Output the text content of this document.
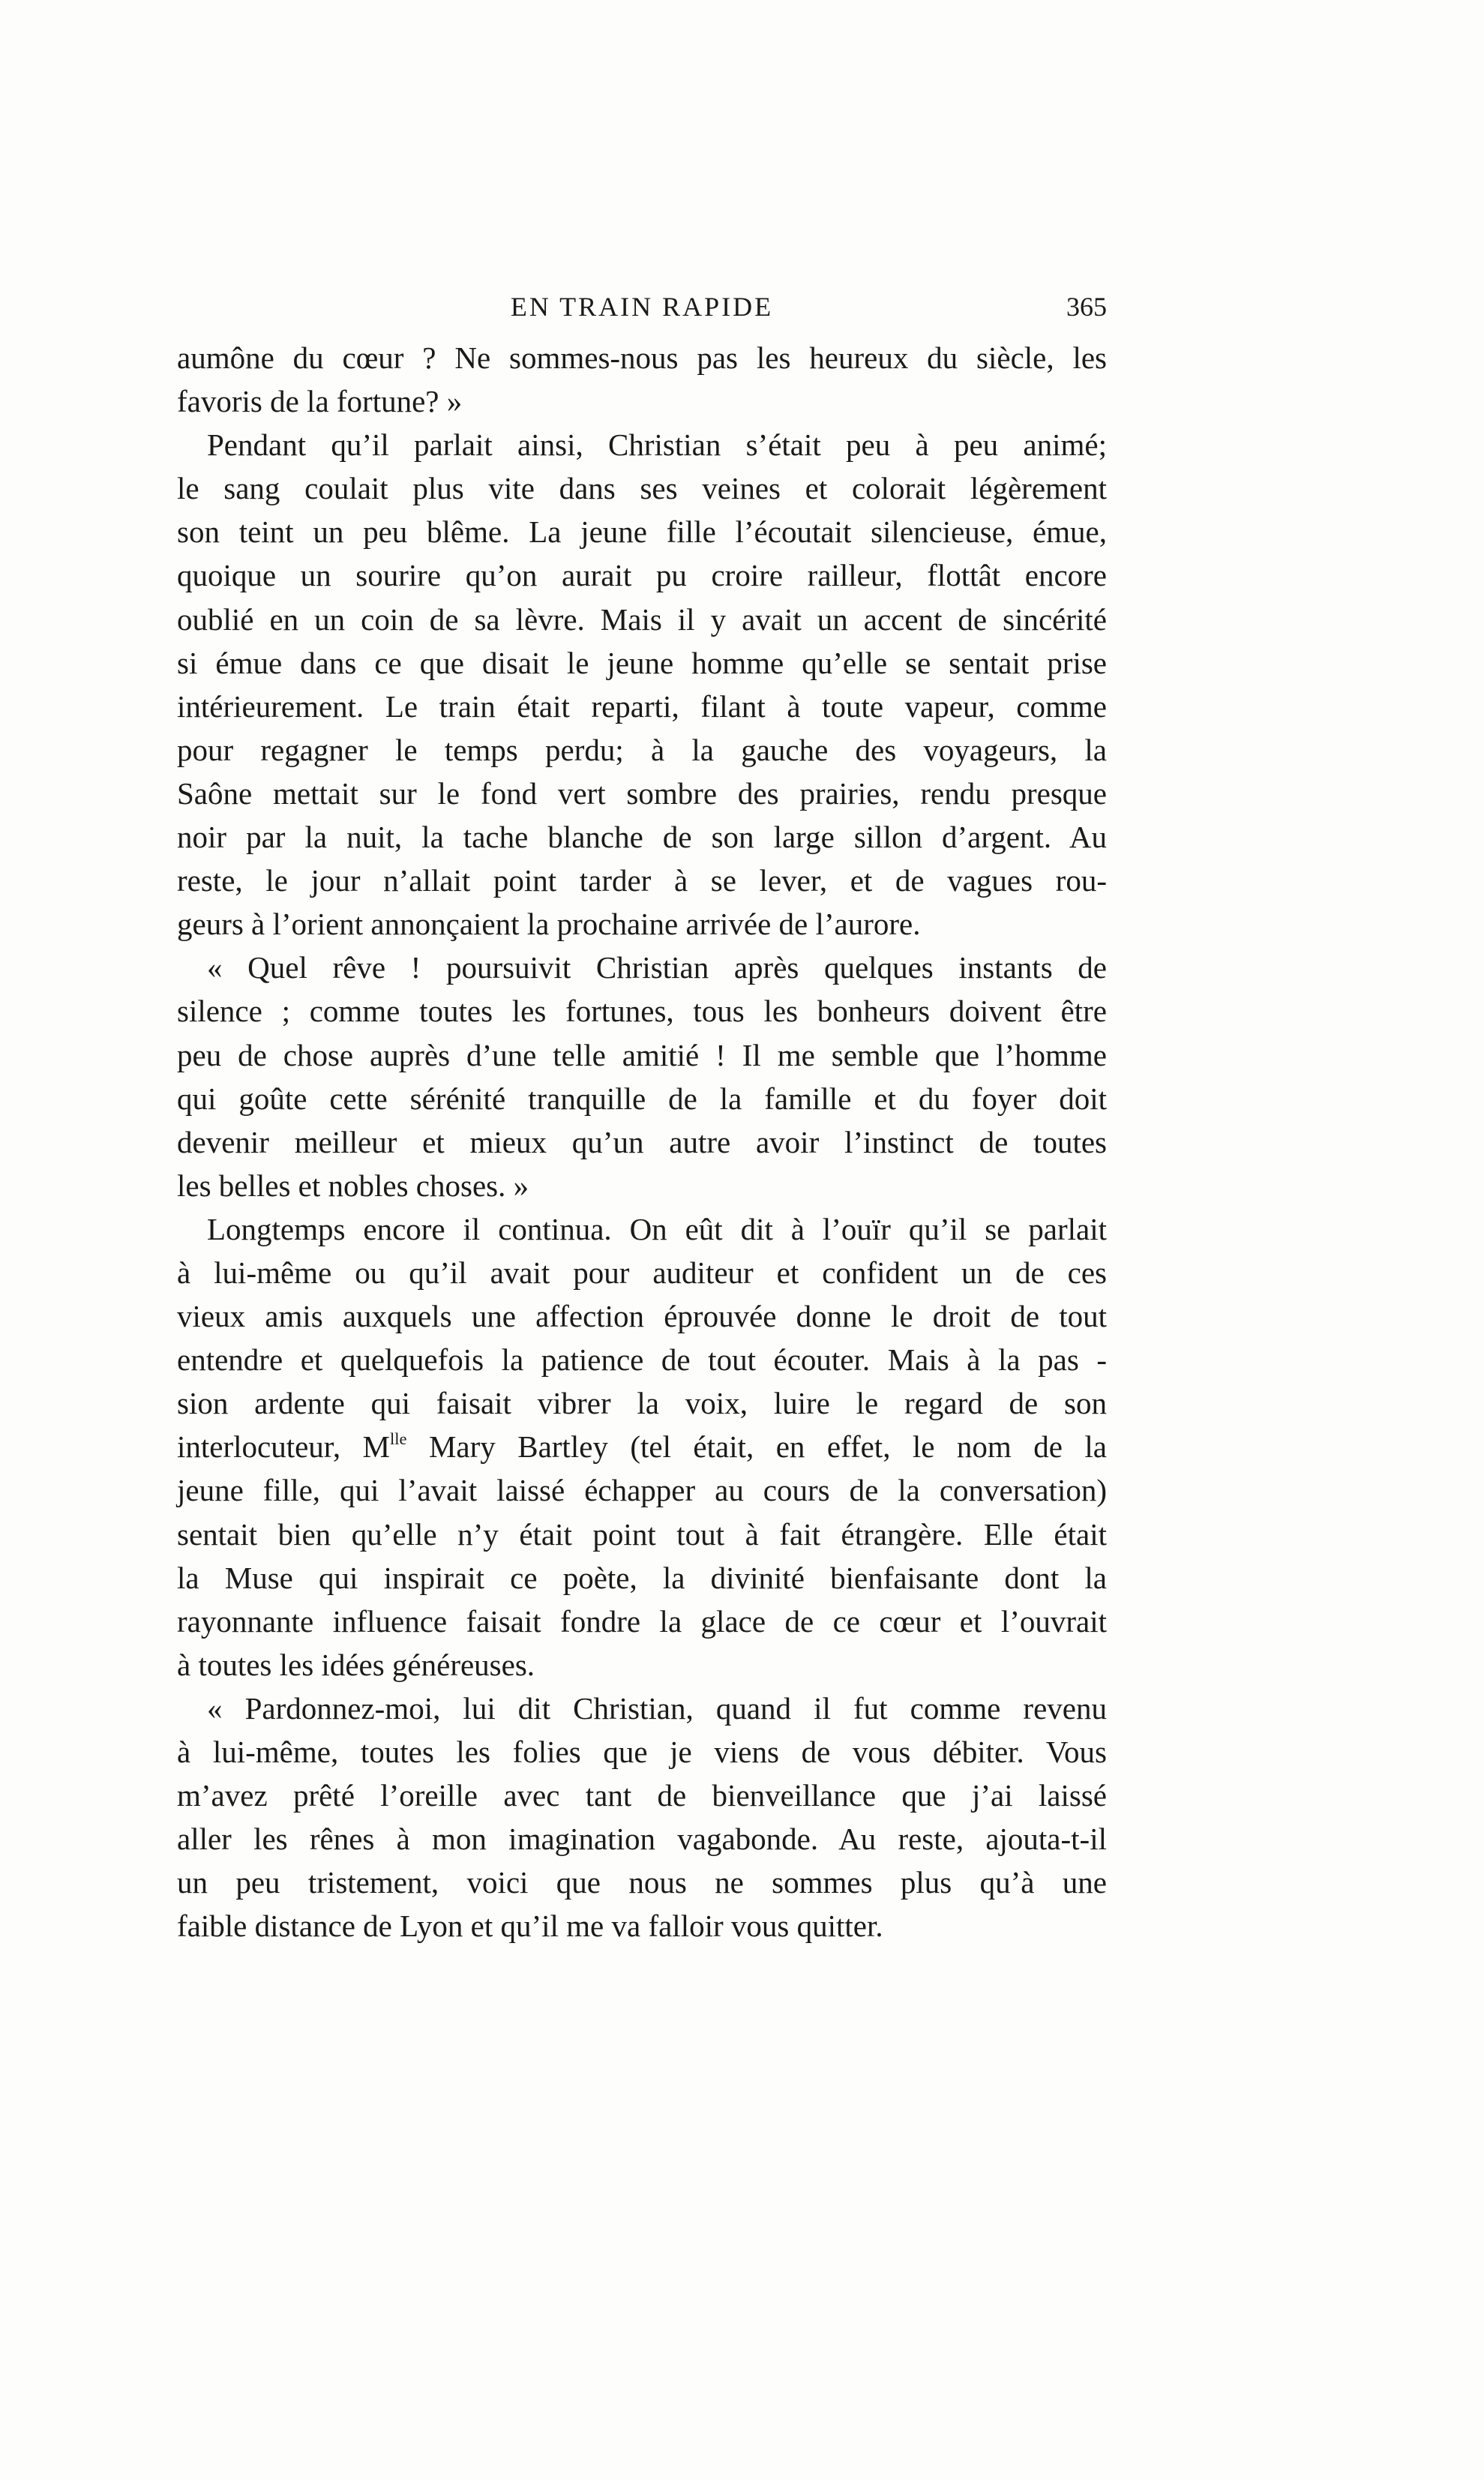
EN TRAIN RAPIDE	365
aumône du cœur ? Ne sommes-nous pas les heureux du siècle, les
favoris de la fortune? »
Pendant qu’il parlait ainsi, Christian s’était peu à peu animé;
le sang coulait plus vite dans ses veines et colorait légèrement
son teint un peu blême. La jeune fille l’écoutait silencieuse, émue,
quoique un sourire qu’on aurait pu croire railleur, flottât encore
oublié en un coin de sa lèvre. Mais il y avait un accent de sincérité
si émue dans ce que disait le jeune homme qu’elle se sentait prise
intérieurement. Le train était reparti, filant à toute vapeur, comme
pour regagner le temps perdu; à la gauche des voyageurs, la
Saône mettait sur le fond vert sombre des prairies, rendu presque
noir par la nuit, la tache blanche de son large sillon d’argent. Au
reste, le jour n’allait point tarder à se lever, et de vagues rou-
geurs à l’orient annonçaient la prochaine arrivée de l’aurore.
« Quel rêve ! poursuivit Christian après quelques instants de
silence ; comme toutes les fortunes, tous les bonheurs doivent être
peu de chose auprès d’une telle amitié ! Il me semble que l’homme
qui goûte cette sérénité tranquille de la famille et du foyer doit
devenir meilleur et mieux qu’un autre avoir l’instinct de toutes
les belles et nobles choses. »
Longtemps encore il continua. On eût dit à l’ouïr qu’il se parlait
à lui-même ou qu’il avait pour auditeur et confident un de ces
vieux amis auxquels une affection éprouvée donne le droit de tout
entendre et quelquefois la patience de tout écouter. Mais à la pas -
sion ardente qui faisait vibrer la voix, luire le regard de son
interlocuteur, $M^{lle}$ Mary Bartley (tel était, en effet, le nom de la
jeune fille, qui l’avait laissé échapper au cours de la conversation)
sentait bien qu’elle n’y était point tout à fait étrangère. Elle était
la Muse qui inspirait ce poète, la divinité bienfaisante dont la
rayonnante influence faisait fondre la glace de ce cœur et l’ouvrait
à toutes les idées généreuses.
« Pardonnez-moi, lui dit Christian, quand il fut comme revenu
à lui-même, toutes les folies que je viens de vous débiter. Vous
m’avez prêté l’oreille avec tant de bienveillance que j’ai laissé
aller les rênes à mon imagination vagabonde. Au reste, ajouta-t-il
un peu tristement, voici que nous ne sommes plus qu’à une
faible distance de Lyon et qu’il me va falloir vous quitter.
